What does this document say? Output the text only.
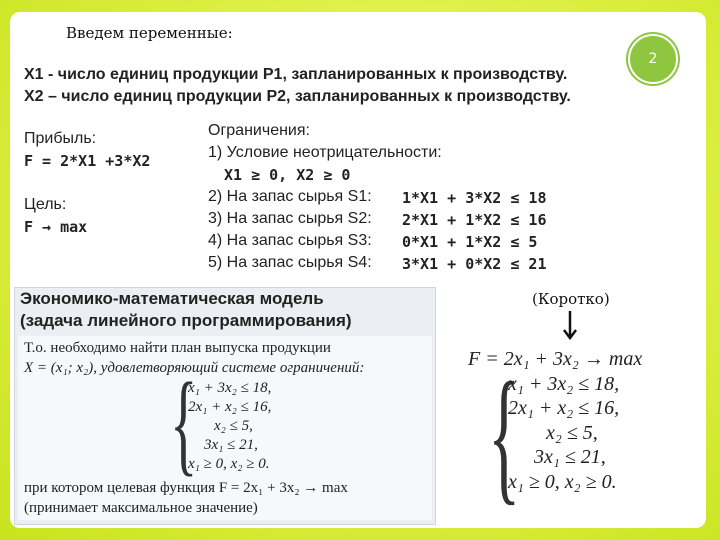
Введем переменные:
2
X1 - число единиц продукции P1, запланированных к производству.
X2 – число единиц продукции P2, запланированных к производству.
Прибыль:
F = 2*X1 +3*X2
Цель:
F → max
Ограничения:
1) Условие неотрицательности:
X1 ≥ 0, X2 ≥ 0
2) На запас сырья S1: 1*X1 + 3*X2 ≤ 18
3) На запас сырья S2: 2*X1 + 1*X2 ≤ 16
4) На запас сырья S3: 0*X1 + 1*X2 ≤ 5
5) На запас сырья S4: 3*X1 + 0*X2 ≤ 21
Экономико-математическая модель
(задача линейного программирования)
Т.о. необходимо найти план выпуска продукции
X = (x₁; x₂), удовлетворяющий системе ограничений:
{
x₁ + 3x₂ ≤ 18,
2x₁ + x₂ ≤ 16,
x₂ ≤ 5,
3x₁ ≤ 21,
x₁ ≥ 0, x₂ ≥ 0.
при котором целевая функция F = 2x₁ + 3x₂ → max
(принимает максимальное значение)
(Коротко)
F = 2x₁ + 3x₂ → max
{
x₁ + 3x₂ ≤ 18,
2x₁ + x₂ ≤ 16,
x₂ ≤ 5,
3x₁ ≤ 21,
x₁ ≥ 0, x₂ ≥ 0.
